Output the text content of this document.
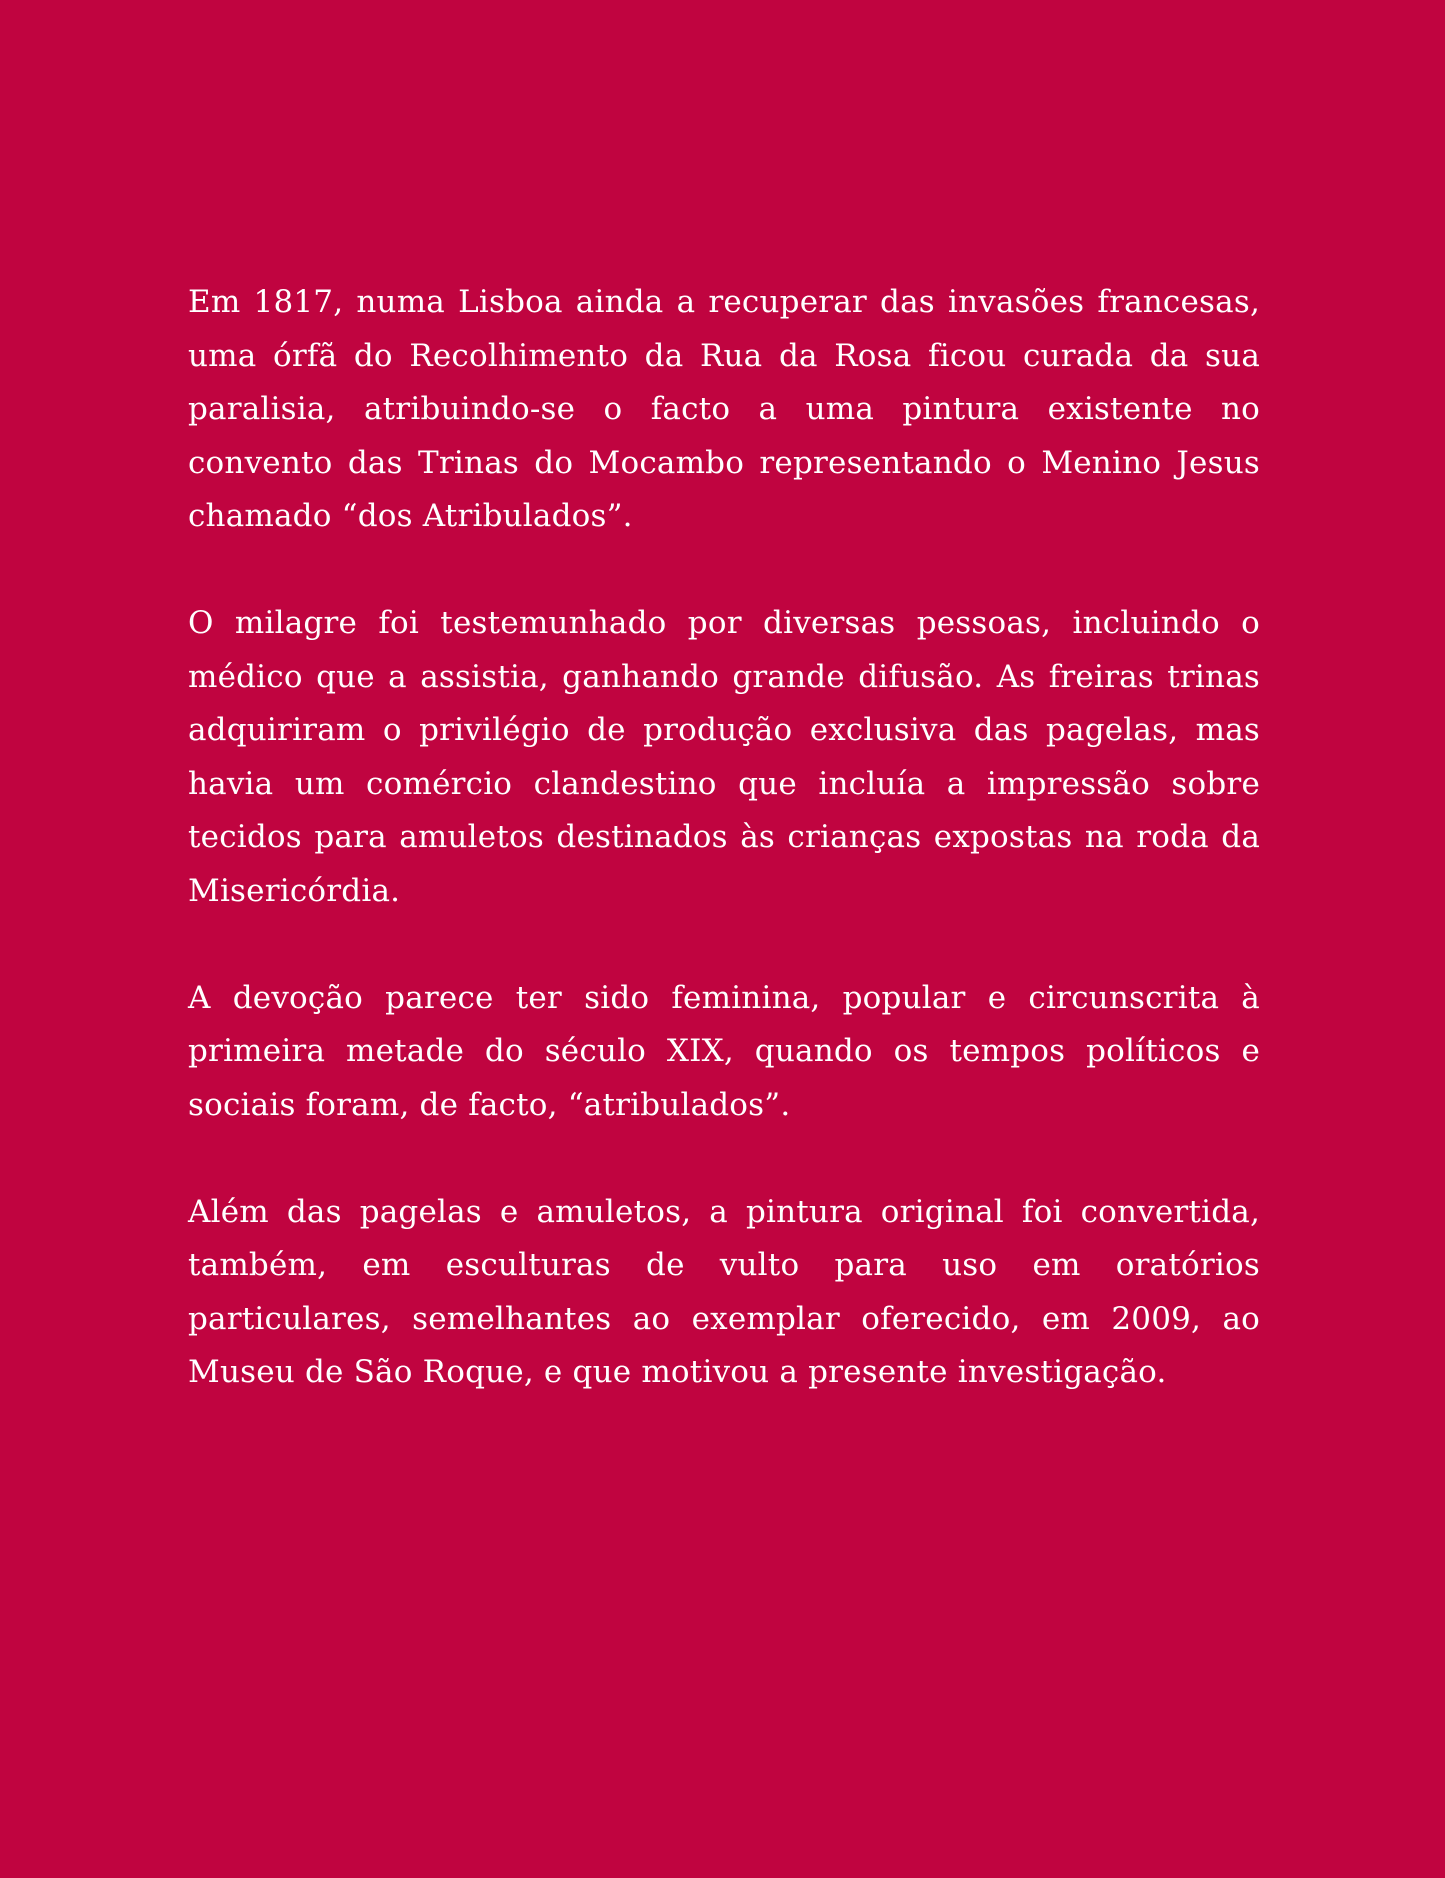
Em 1817, numa Lisboa ainda a recuperar das invasões francesas, uma órfã do Recolhimento da Rua da Rosa ficou curada da sua paralisia, atribuindo-se o facto a uma pintura existente no convento das Trinas do Mocambo representando o Menino Jesus chamado “dos Atribulados”.

O milagre foi testemunhado por diversas pessoas, incluindo o médico que a assistia, ganhando grande difusão. As freiras trinas adquiriram o privilégio de produção exclusiva das pagelas, mas havia um comércio clandestino que incluía a impressão sobre tecidos para amuletos destinados às crianças expostas na roda da Misericórdia.

A devoção parece ter sido feminina, popular e circunscrita à primeira metade do século XIX, quando os tempos políticos e sociais foram, de facto, “atribulados”.

Além das pagelas e amuletos, a pintura original foi convertida, também, em esculturas de vulto para uso em oratórios particulares, semelhantes ao exemplar oferecido, em 2009, ao Museu de São Roque, e que motivou a presente investigação.
